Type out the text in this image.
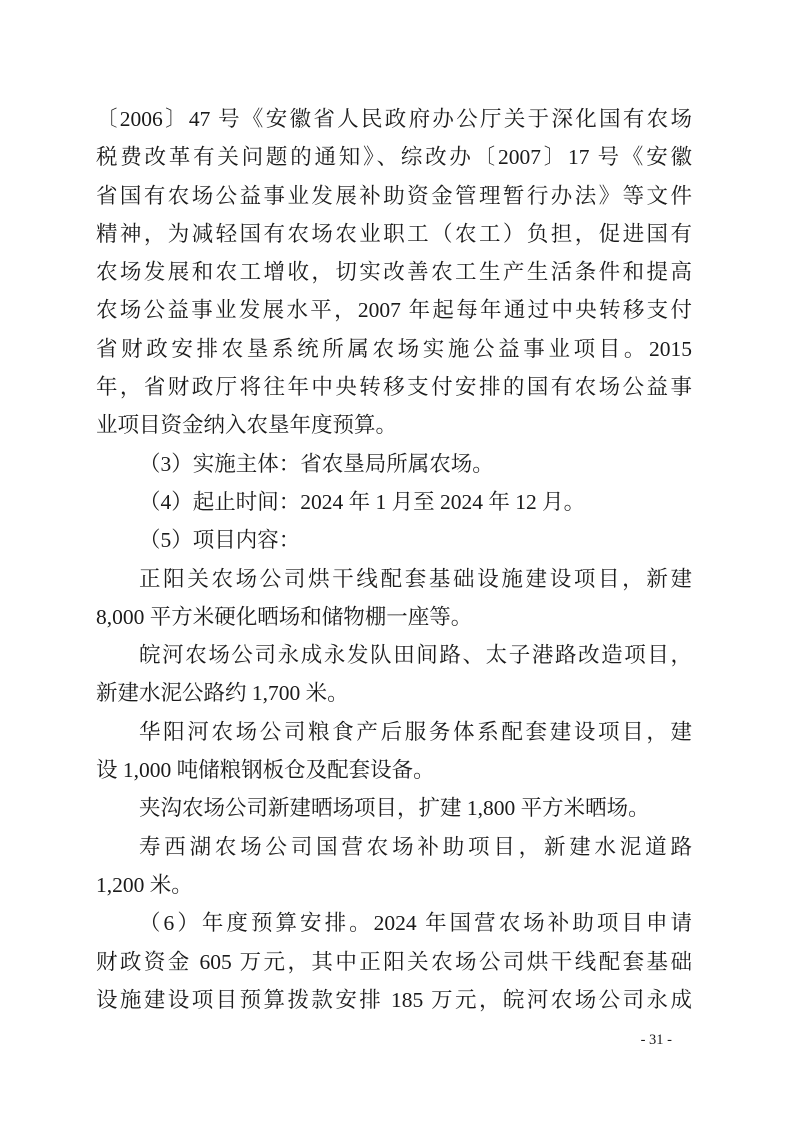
〔2006〕47 号《安徽省人民政府办公厅关于深化国有农场
税费改革有关问题的通知》、综改办〔2007〕17 号《安徽
省国有农场公益事业发展补助资金管理暂行办法》等文件
精神，为减轻国有农场农业职工（农工）负担，促进国有
农场发展和农工增收，切实改善农工生产生活条件和提高
农场公益事业发展水平，2007 年起每年通过中央转移支付
省财政安排农垦系统所属农场实施公益事业项目。2015
年，省财政厅将往年中央转移支付安排的国有农场公益事
业项目资金纳入农垦年度预算。
（3）实施主体：省农垦局所属农场。
（4）起止时间：2024 年 1 月至 2024 年 12 月。
（5）项目内容：
正阳关农场公司烘干线配套基础设施建设项目，新建
8,000 平方米硬化晒场和储物棚一座等。
皖河农场公司永成永发队田间路、太子港路改造项目，
新建水泥公路约 1,700 米。
华阳河农场公司粮食产后服务体系配套建设项目，建
设 1,000 吨储粮钢板仓及配套设备。
夹沟农场公司新建晒场项目，扩建 1,800 平方米晒场。
寿西湖农场公司国营农场补助项目，新建水泥道路
1,200 米。
（6）年度预算安排。2024 年国营农场补助项目申请
财政资金 605 万元，其中正阳关农场公司烘干线配套基础
设施建设项目预算拨款安排 185 万元，皖河农场公司永成
- 31 -
